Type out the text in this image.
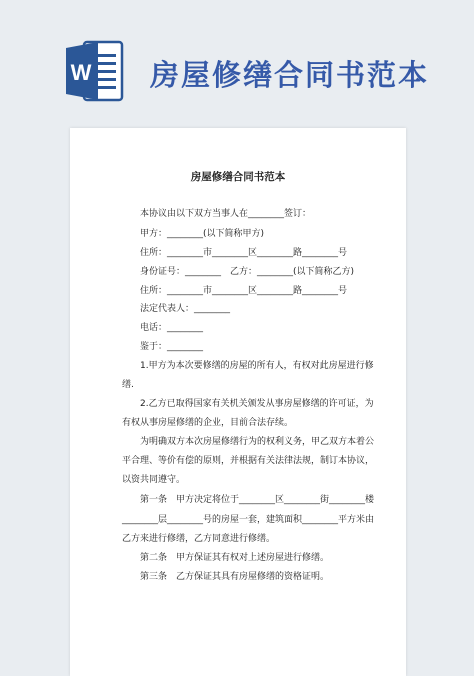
W 房屋修缮合同书范本
房屋修缮合同书范本
本协议由以下双方当事人在________签订：
甲方：________(以下简称甲方)
住所：________市________区________路________号
身份证号：________　乙方：________(以下简称乙方)
住所：________市________区________路________号
法定代表人：________
电话：________
鉴于：________
1.甲方为本次要修缮的房屋的所有人，有权对此房屋进行修
缮.
2.乙方已取得国家有关机关颁发从事房屋修缮的许可证，为
有权从事房屋修缮的企业，目前合法存续。
为明确双方本次房屋修缮行为的权利义务，甲乙双方本着公
平合理、等价有偿的原则，并根据有关法律法规，制订本协议，
以资共同遵守。
第一条　甲方决定将位于________区________街________楼
________层________号的房屋一套，建筑面积________平方米由
乙方来进行修缮，乙方同意进行修缮。
第二条　甲方保证其有权对上述房屋进行修缮。
第三条　乙方保证其具有房屋修缮的资格证明。
